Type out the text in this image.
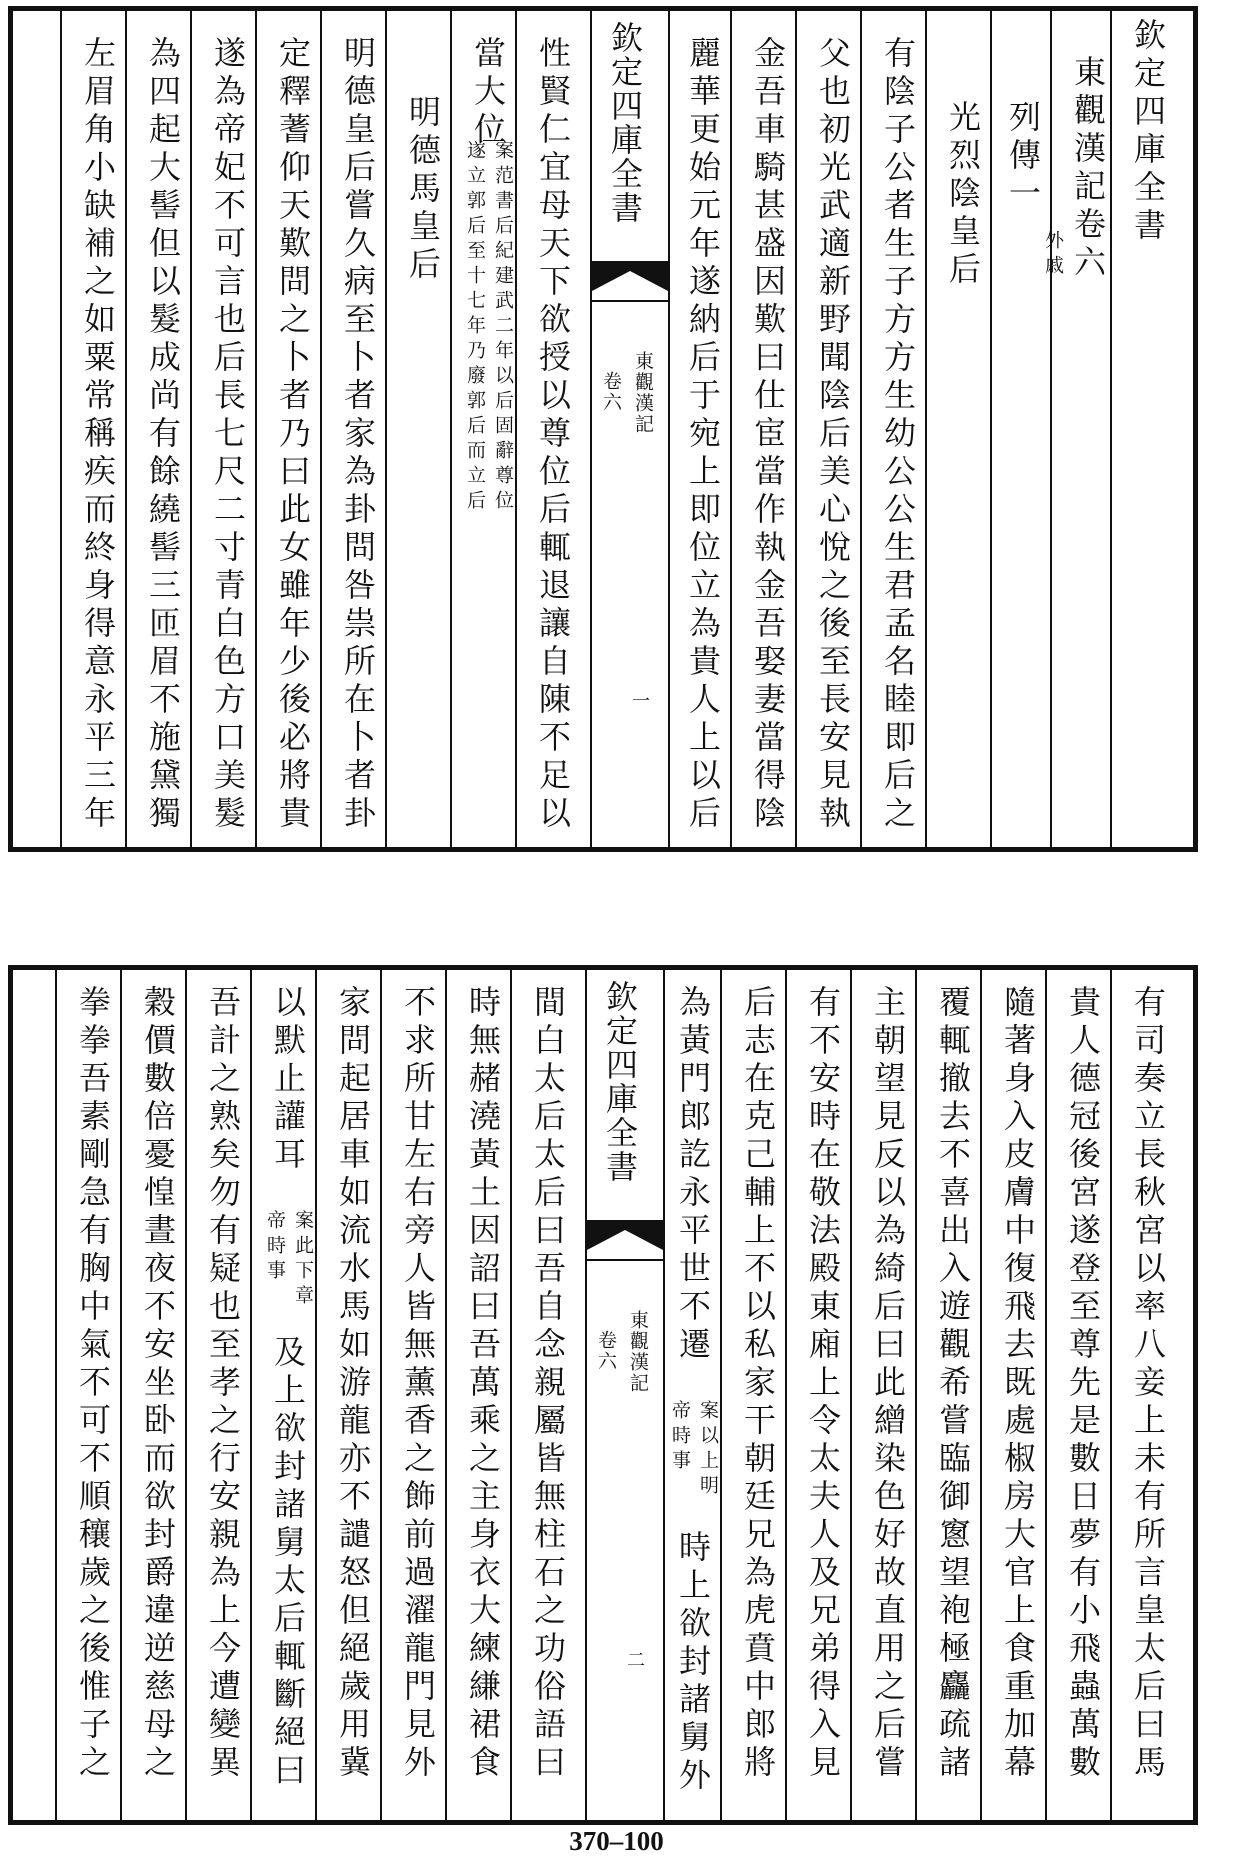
欽定四庫全書
東觀漢記卷六
列傳一
外戚
光烈陰皇后
有陰子公者生子方方生幼公公生君孟名睦即后之
父也初光武適新野聞陰后美心悅之後至長安見執
金吾車騎甚盛因歎曰仕宦當作執金吾娶妻當得陰
麗華更始元年遂納后于宛上即位立為貴人上以后
欽定四庫全書
東觀漢記
卷六
一
性賢仁宜母天下欲授以尊位后輒退讓自陳不足以
當大位
案范書后紀建武二年以后固辭尊位
遂立郭后至十七年乃廢郭后而立后
明德馬皇后
明德皇后嘗久病至卜者家為卦問咎祟所在卜者卦
定釋蓍仰天歎問之卜者乃曰此女雖年少後必將貴
遂為帝妃不可言也后長七尺二寸青白色方口美髮
為四起大髻但以髮成尚有餘繞髻三匝眉不施黛獨
左眉角小缺補之如粟常稱疾而終身得意永平三年
有司奏立長秋宮以率八妾上未有所言皇太后曰馬
貴人德冠後宮遂登至尊先是數日夢有小飛蟲萬數
隨著身入皮膚中復飛去既處椒房大官上食重加幕
覆輒撤去不喜出入遊觀希嘗臨御窻望袍極麤疏諸
主朝望見反以為綺后曰此繒染色好故直用之后嘗
有不安時在敬法殿東廂上令太夫人及兄弟得入見
后志在克己輔上不以私家干朝廷兄為虎賁中郎將
為黃門郎訖永平世不遷
案以上明
帝時事
時上欲封諸舅外
欽定四庫全書
東觀漢記
卷六
二
間白太后太后曰吾自念親屬皆無柱石之功俗語曰
時無赭澆黃土因詔曰吾萬乘之主身衣大練縑裙食
不求所甘左右旁人皆無薰香之飾前過濯龍門見外
家問起居車如流水馬如游龍亦不譴怒但絕歲用冀
以默止讙耳
案此下章
帝時事
及上欲封諸舅太后輒斷絕曰
吾計之熟矣勿有疑也至孝之行安親為上今遭變異
穀價數倍憂惶晝夜不安坐卧而欲封爵違逆慈母之
拳拳吾素剛急有胸中氣不可不順穰歲之後惟子之
370–100
